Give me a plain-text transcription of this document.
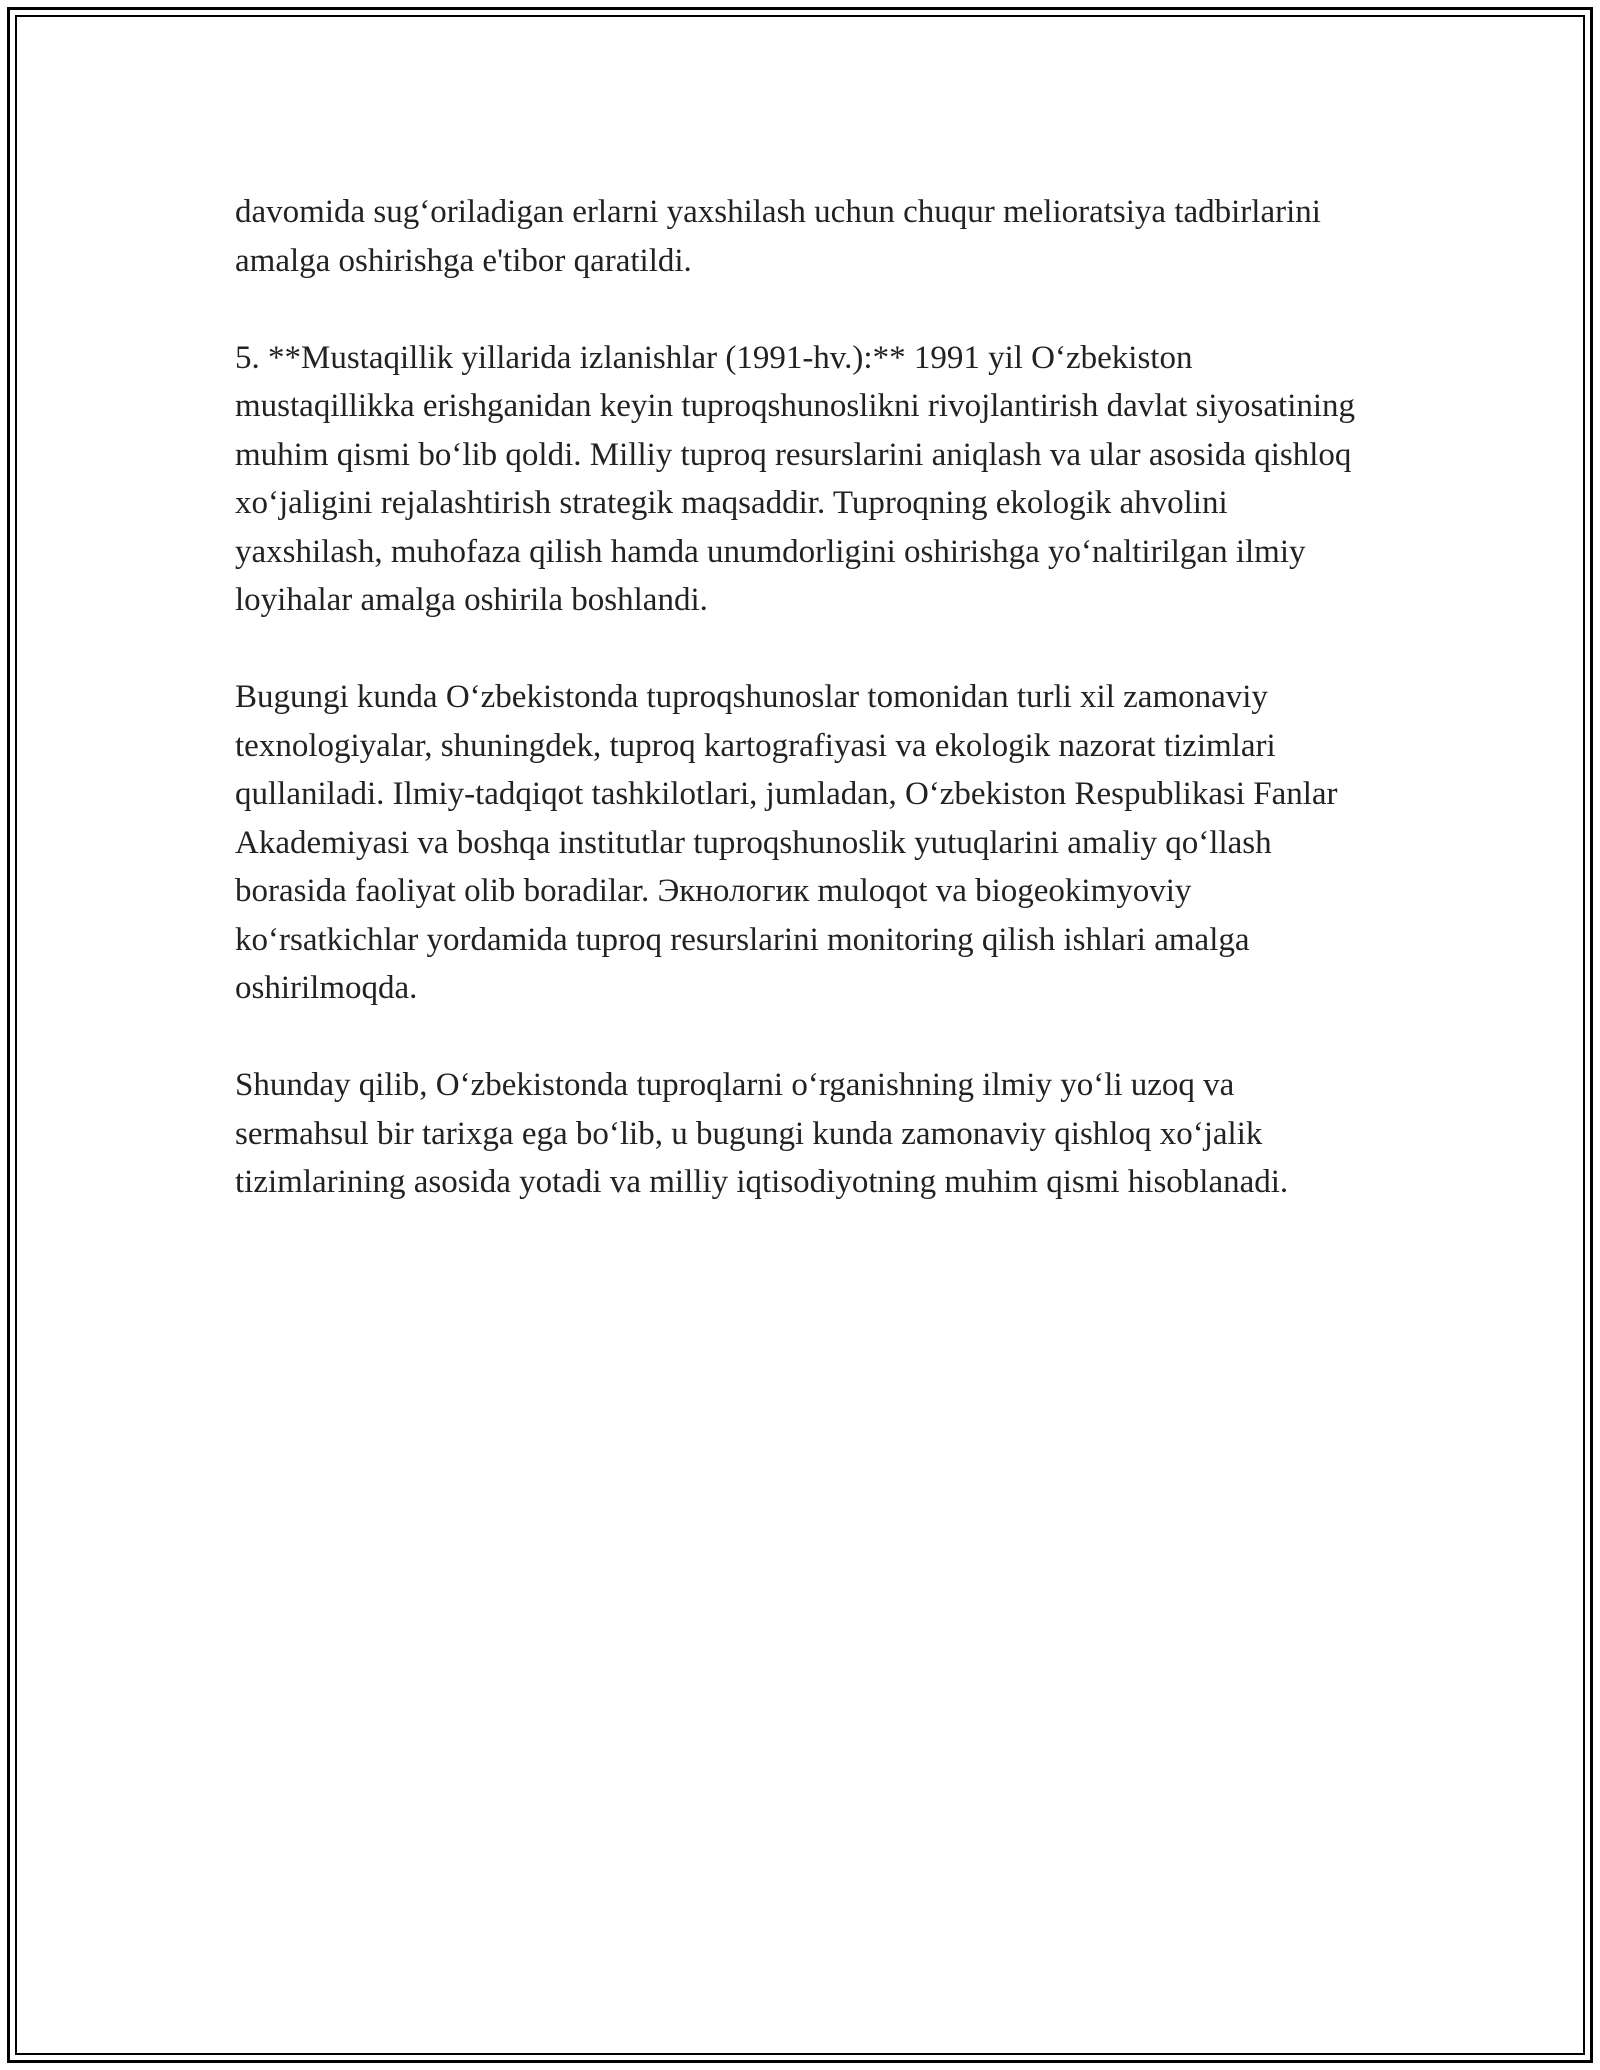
davomida sug‘oriladigan erlarni yaxshilash uchun chuqur melioratsiya tadbirlarini amalga oshirishga e'tibor qaratildi.

5. **Mustaqillik yillarida izlanishlar (1991-hv.):** 1991 yil O‘zbekiston mustaqillikka erishganidan keyin tuproqshunoslikni rivojlantirish davlat siyosatining muhim qismi bo‘lib qoldi. Milliy tuproq resurslarini aniqlash va ular asosida qishloq xo‘jaligini rejalashtirish strategik maqsaddir. Tuproqning ekologik ahvolini yaxshilash, muhofaza qilish hamda unumdorligini oshirishga yo‘naltirilgan ilmiy loyihalar amalga oshirila boshlandi.

Bugungi kunda O‘zbekistonda tuproqshunoslar tomonidan turli xil zamonaviy texnologiyalar, shuningdek, tuproq kartografiyasi va ekologik nazorat tizimlari qullaniladi. Ilmiy-tadqiqot tashkilotlari, jumladan, O‘zbekiston Respublikasi Fanlar Akademiyasi va boshqa institutlar tuproqshunoslik yutuqlarini amaliy qo‘llash borasida faoliyat olib boradilar. Экнологик muloqot va biogeokimyoviy ko‘rsatkichlar yordamida tuproq resurslarini monitoring qilish ishlari amalga oshirilmoqda.

Shunday qilib, O‘zbekistonda tuproqlarni o‘rganishning ilmiy yo‘li uzoq va sermahsul bir tarixga ega bo‘lib, u bugungi kunda zamonaviy qishloq xo‘jalik tizimlarining asosida yotadi va milliy iqtisodiyotning muhim qismi hisoblanadi.
